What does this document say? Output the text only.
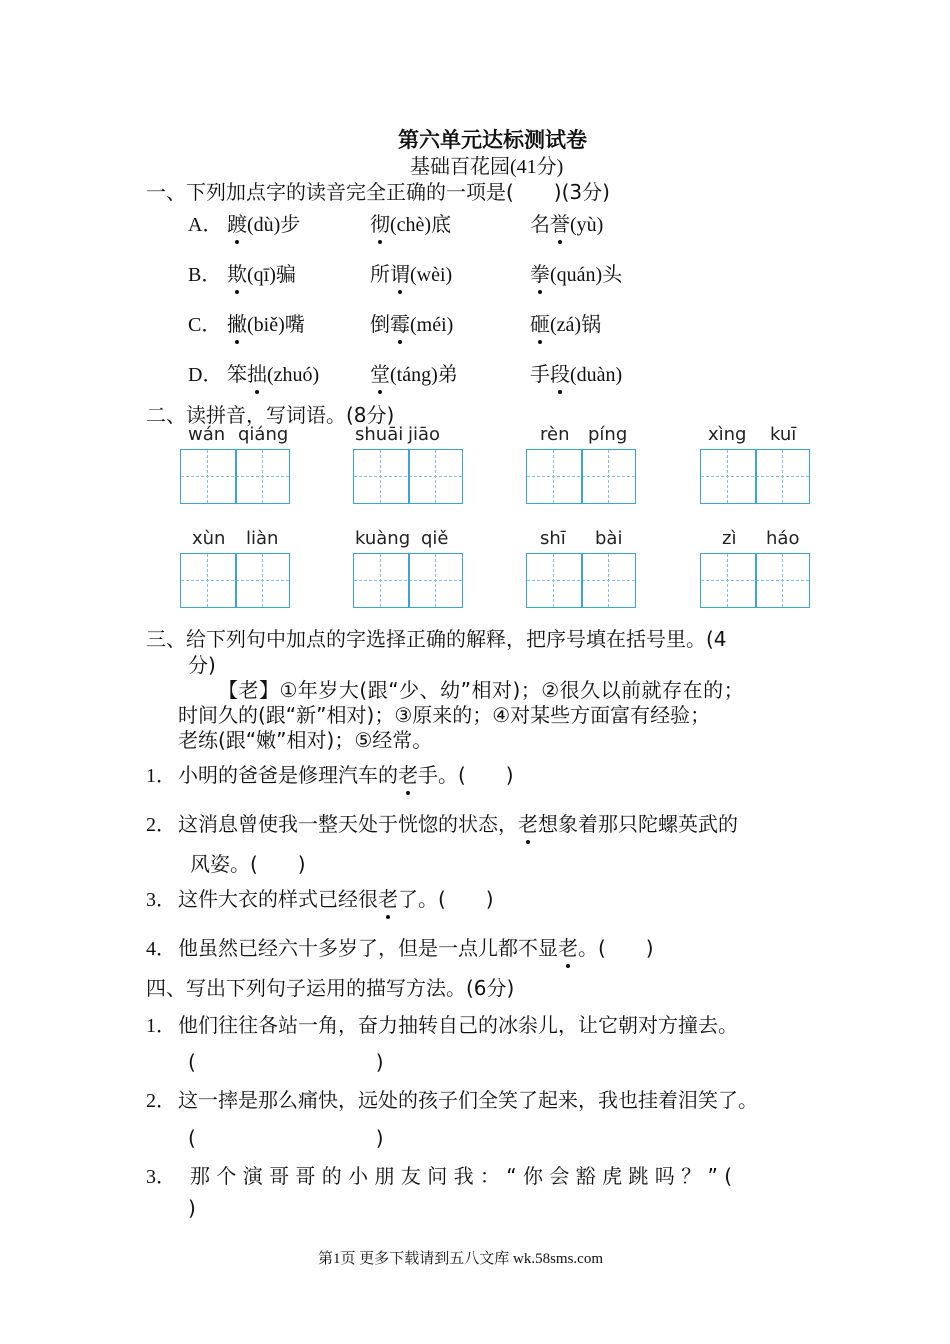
第六单元达标测试卷
基础百花园(41分)
一、下列加点字的读音完全正确的一项是(　　)(3分)
A． 踱(dù)步	彻(chè)底	名誉(yù)
B． 欺(qī)骗	所谓(wèi)	拳(quán)头
C． 撇(biě)嘴	倒霉(méi)	砸(zá)锅
D． 笨拙(zhuó)	堂(táng)弟	手段(duàn)
二、读拼音，写词语。(8分)
wán qiáng	shuāi jiāo	rèn píng	xìng kuī
xùn liàn	kuàng qiě	shī bài	zì háo
三、给下列句中加点的字选择正确的解释，把序号填在括号里。(4
分)
【老】①年岁大(跟“少、幼”相对)；②很久以前就存在的；
时间久的(跟“新”相对)；③原来的；④对某些方面富有经验；
老练(跟“嫩”相对)；⑤经常。
1． 小明的爸爸是修理汽车的老手。(　　)
2． 这消息曾使我一整天处于恍惚的状态，老想象着那只陀螺英武的
3． 这件大衣的样式已经很老了。(　　)
4． 他虽然已经六十多岁了，但是一点儿都不显老。(　　)
风姿。(　　)
四、写出下列句子运用的描写方法。(6分)
1． 他们往往各站一角，奋力抽转自己的冰尜儿，让它朝对方撞去。
(　　　　　　　　　)
2． 这一摔是那么痛快，远处的孩子们全笑了起来，我也挂着泪笑了。
(　　　　　　　　　)
3． 那 个 演 哥 哥 的 小 朋 友 问 我 ： “ 你 会 豁 虎 跳 吗 ？ ” (
)
第1页 更多下载请到五八文库 wk.58sms.com
